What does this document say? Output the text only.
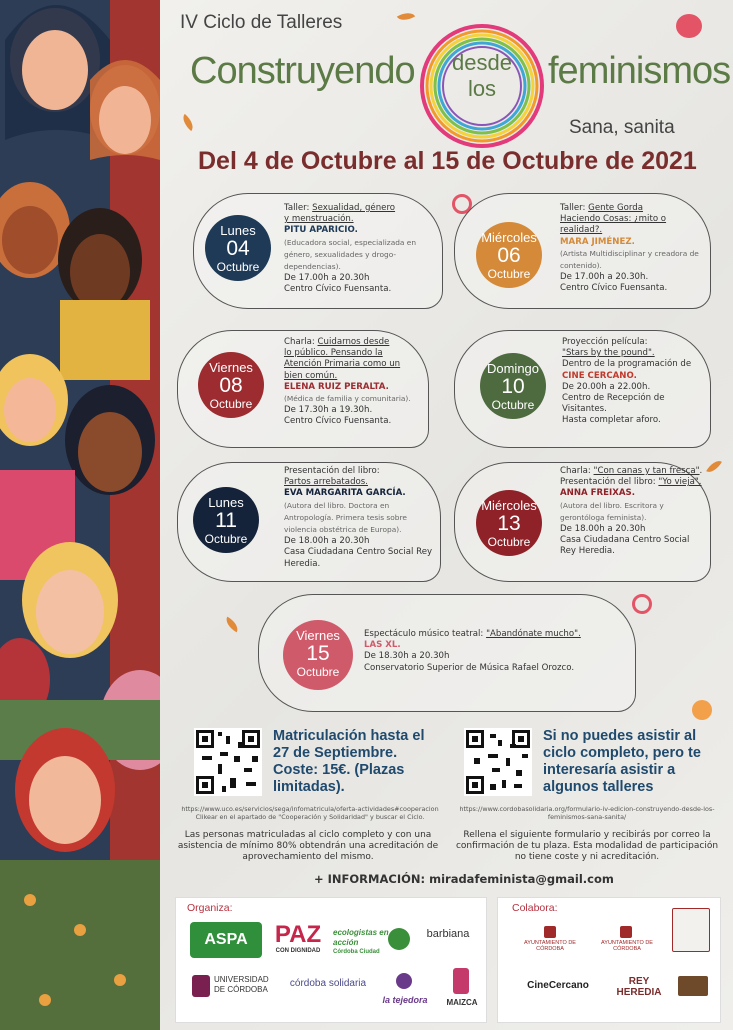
IV Ciclo de Talleres
Construyendo	desde
los	feminismos
Sana, sanita
Del 4 de Octubre al 15 de Octubre de 2021
Lunes
04
Octubre
Taller: Sexualidad, género
y menstruación.
PITU APARICIO.
(Educadora social, especializada en género, sexualidades y drogo-dependencias).
De 17.00h a 20.30h
Centro Cívico Fuensanta.
Miércoles
06
Octubre
Taller: Gente Gorda
Haciendo Cosas: ¿mito o realidad?.
MARA JIMÉNEZ.
(Artista Multidisciplinar y creadora de contenido).
De 17.00h a 20.30h.
Centro Cívico Fuensanta.
Viernes
08
Octubre
Charla: Cuidarnos desde
lo público. Pensando la Atención Primaria como un bien común.
ELENA RUIZ PERALTA.
(Médica de familia y comunitaria).
De 17.30h a 19.30h.
Centro Cívico Fuensanta.
Domingo
10
Octubre
Proyección película:
"Stars by the pound".
Dentro de la programación de
CINE CERCANO.
De 20.00h a 22.00h.
Centro de Recepción de Visitantes.
Hasta completar aforo.
Lunes
11
Octubre
Presentación del libro:
Partos arrebatados.
EVA MARGARITA GARCÍA.
(Autora del libro. Doctora en Antropología. Primera tesis sobre violencia obstétrica de Europa).
De 18.00h a 20.30h
Casa Ciudadana Centro Social Rey Heredia.
Miércoles
13
Octubre
Charla: "Con canas y tan fresca". Presentación del libro: "Yo vieja".
ANNA FREIXAS.
(Autora del libro. Escritora y gerontóloga feminista).
De 18.00h a 20.30h
Casa Ciudadana Centro Social Rey Heredia.
Viernes
15
Octubre
Espectáculo músico teatral: "Abandónate mucho".
LAS XL.
De 18.30h a 20.30h
Conservatorio Superior de Música Rafael Orozco.
Matriculación hasta el 27 de Septiembre. Coste: 15€. (Plazas limitadas).
Si no puedes asistir al ciclo completo, pero te interesaría asistir a algunos talleres
https://www.uco.es/servicios/sega/infomatricula/oferta-actividades#cooperacion
Clikear en el apartado de "Cooperación y Solidaridad" y buscar el Ciclo.
https://www.cordobasolidaria.org/formulario-iv-edicion-construyendo-desde-los-feminismos-sana-sanita/
Las personas matriculadas al ciclo completo y con una asistencia de mínimo 80% obtendrán una acreditación de aprovechamiento del mismo.
Rellena el siguiente formulario y recibirás por correo la confirmación de tu plaza. Esta modalidad de participación no tiene coste y ni acreditación.
+ INFORMACIÓN: miradafeminista@gmail.com
Organiza:
ASPA	PAZ
CON DIGNIDAD
ecologistas en acción
Córdoba Ciudad
barbiana
UNIVERSIDAD DE CÓRDOBA
córdoba solidaria
la tejedora	MAIZCA
Colabora:
AYUNTAMIENTO DE CÓRDOBA
AYUNTAMIENTO DE CÓRDOBA
CineCercano	REY HEREDIA
